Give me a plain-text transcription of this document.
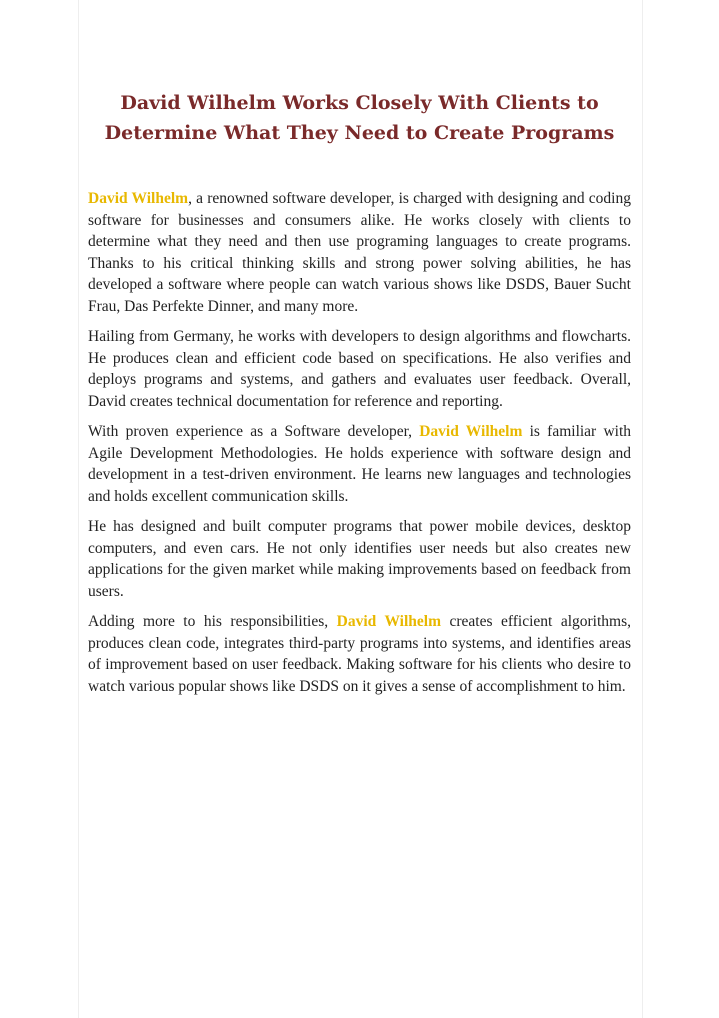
David Wilhelm Works Closely With Clients to
Determine What They Need to Create Programs

David Wilhelm, a renowned software developer, is charged with designing and coding software for businesses and consumers alike. He works closely with clients to determine what they need and then use programing languages to create programs. Thanks to his critical thinking skills and strong power solving abilities, he has developed a software where people can watch various shows like DSDS, Bauer Sucht Frau, Das Perfekte Dinner, and many more.

Hailing from Germany, he works with developers to design algorithms and flowcharts. He produces clean and efficient code based on specifications. He also verifies and deploys programs and systems, and gathers and evaluates user feedback. Overall, David creates technical documentation for reference and reporting.

With proven experience as a Software developer, David Wilhelm is familiar with Agile Development Methodologies. He holds experience with software design and development in a test-driven environment. He learns new languages and technologies and holds excellent communication skills.

He has designed and built computer programs that power mobile devices, desktop computers, and even cars. He not only identifies user needs but also creates new applications for the given market while making improvements based on feedback from users.

Adding more to his responsibilities, David Wilhelm creates efficient algorithms, produces clean code, integrates third-party programs into systems, and identifies areas of improvement based on user feedback. Making software for his clients who desire to watch various popular shows like DSDS on it gives a sense of accomplishment to him.
